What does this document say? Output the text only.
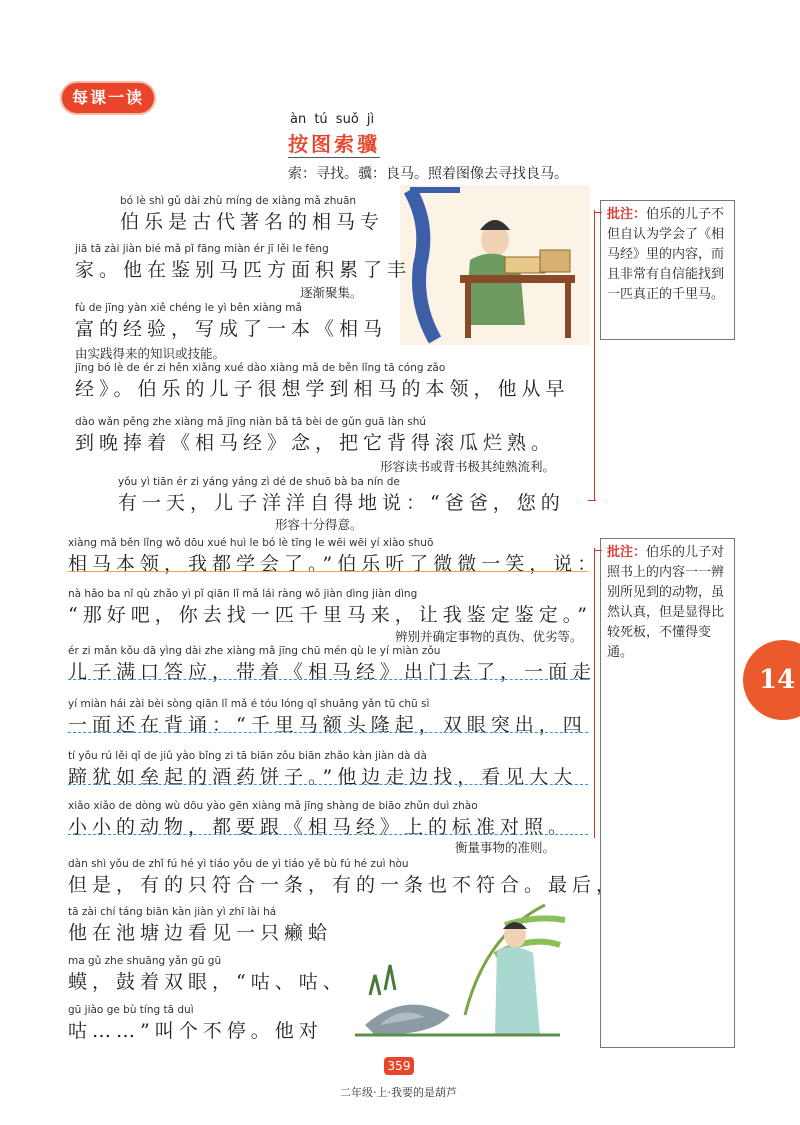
每课一读
àn tú suǒ jì
按图索骥
索：寻找。骥：良马。照着图像去寻找良马。
bó lè shì gǔ dài zhù míng de xiàng mǎ zhuān
伯乐是古代著名的相马专
jiā tā zài jiàn bié mǎ pǐ fāng miàn ér jī lěi le fēng
家。他在鉴别马匹方面积累了丰
逐渐聚集。
fù de jīng yàn xiě chéng le yì běn xiàng mǎ
富的经验，写成了一本《相马
由实践得来的知识或技能。
jīng bó lè de ér zi hěn xiǎng xué dào xiàng mǎ de běn lǐng tā cóng zǎo
经》。伯乐的儿子很想学到相马的本领，他从早
dào wǎn pěng zhe xiàng mǎ jīng niàn bǎ tā bèi de gǔn guā làn shú
到晚捧着《相马经》念，把它背得滚瓜烂熟。
形容读书或背书极其纯熟流利。
yǒu yì tiān ér zi yáng yáng zì dé de shuō bà ba nín de
有一天，儿子洋洋自得地说：“爸爸，您的
形容十分得意。
xiàng mǎ běn lǐng wǒ dōu xué huì le bó lè tīng le wēi wēi yí xiào shuō
相马本领，我都学会了。”伯乐听了微微一笑，说：
nà hǎo ba nǐ qù zhǎo yì pǐ qiān lǐ mǎ lái ràng wǒ jiàn dìng jiàn dìng
“那好吧，你去找一匹千里马来，让我鉴定鉴定。”
辨别并确定事物的真伪、优劣等。
ér zi mǎn kǒu dā yìng dài zhe xiàng mǎ jīng chū mén qù le yí miàn zǒu
儿子满口答应，带着《相马经》出门去了，一面走
yí miàn hái zài bèi sòng qiān lǐ mǎ é tóu lóng qǐ shuāng yǎn tū chū sì
一面还在背诵：“千里马额头隆起，双眼突出，四
tí yǒu rú lěi qǐ de jiǔ yào bǐng zi tā biān zǒu biān zhǎo kàn jiàn dà dà
蹄犹如垒起的酒药饼子。”他边走边找，看见大大
xiǎo xiǎo de dòng wù dōu yào gēn xiàng mǎ jīng shàng de biāo zhǔn duì zhào
小小的动物，都要跟《相马经》上的标准对照。
衡量事物的准则。
dàn shì yǒu de zhǐ fú hé yì tiáo yǒu de yì tiáo yě bù fú hé zuì hòu
但是，有的只符合一条，有的一条也不符合。最后，
tā zài chí táng biān kàn jiàn yì zhī lài há
他在池塘边看见一只癞蛤
ma gǔ zhe shuāng yǎn gū gū
蟆，鼓着双眼，“咕、咕、
gū jiào ge bù tíng tā duì
咕……”叫个不停。他对
批注：伯乐的儿子不但自认为学会了《相马经》里的内容，而且非常有自信能找到一匹真正的千里马。
批注：伯乐的儿子对照书上的内容一一辨别所见到的动物，虽然认真，但是显得比较死板，不懂得变通。
14
359
二年级·上·我要的是葫芦
